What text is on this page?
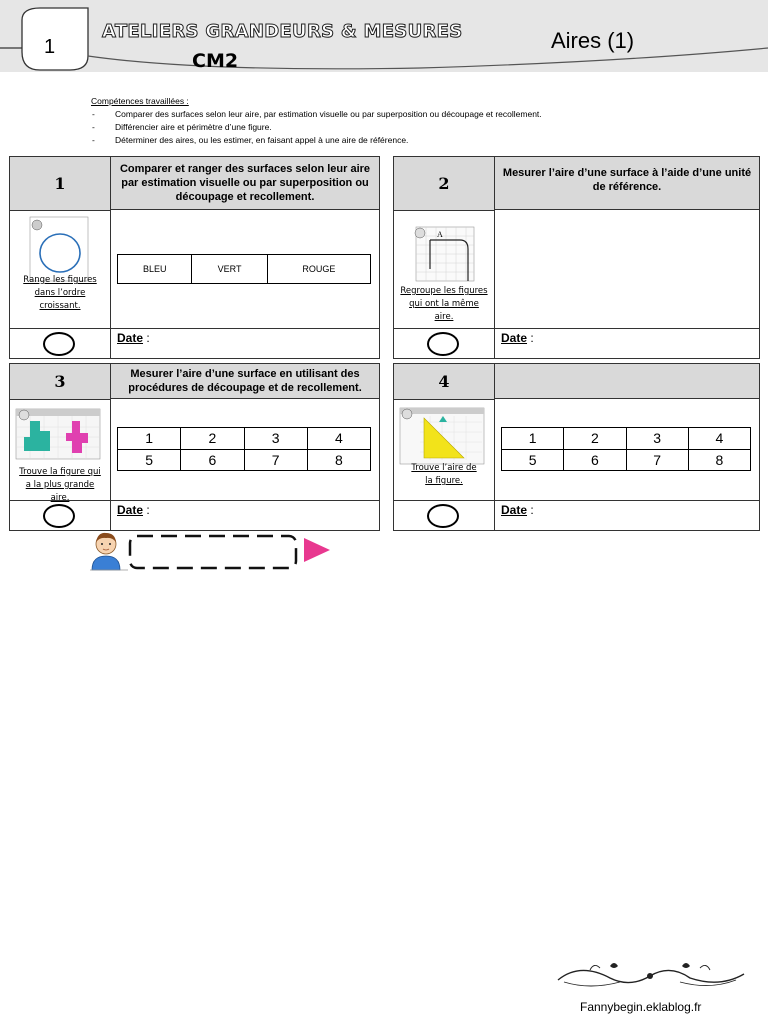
1
ATELIERS GRANDEURS & MESURES
CM2
Aires (1)
Compétences travaillées :
- Comparer des surfaces selon leur aire, par estimation visuelle ou par superposition ou découpage et recollement.
- Différencier aire et périmètre d’une figure.
- Déterminer des aires, ou les estimer, en faisant appel à une aire de référence.
1
Comparer et ranger des surfaces selon leur aire par estimation visuelle ou par superposition ou découpage et recollement.
Range les figures dans l’ordre croissant.
BLEU	VERT	ROUGE
Date :
2
Mesurer l’aire d’une surface à l’aide d’une unité de référence.
A
Regroupe les figures qui ont la même aire.
Date :
3	Mesurer l’aire d’une surface en utilisant des procédures de découpage et de recollement.
Trouve la figure qui a la plus grande aire.
1	2	3	4
5	6	7	8
Date :
4
Trouve l’aire de la figure.
1	2	3	4
5	6	7	8
Date :
Fannybegin.eklablog.fr
